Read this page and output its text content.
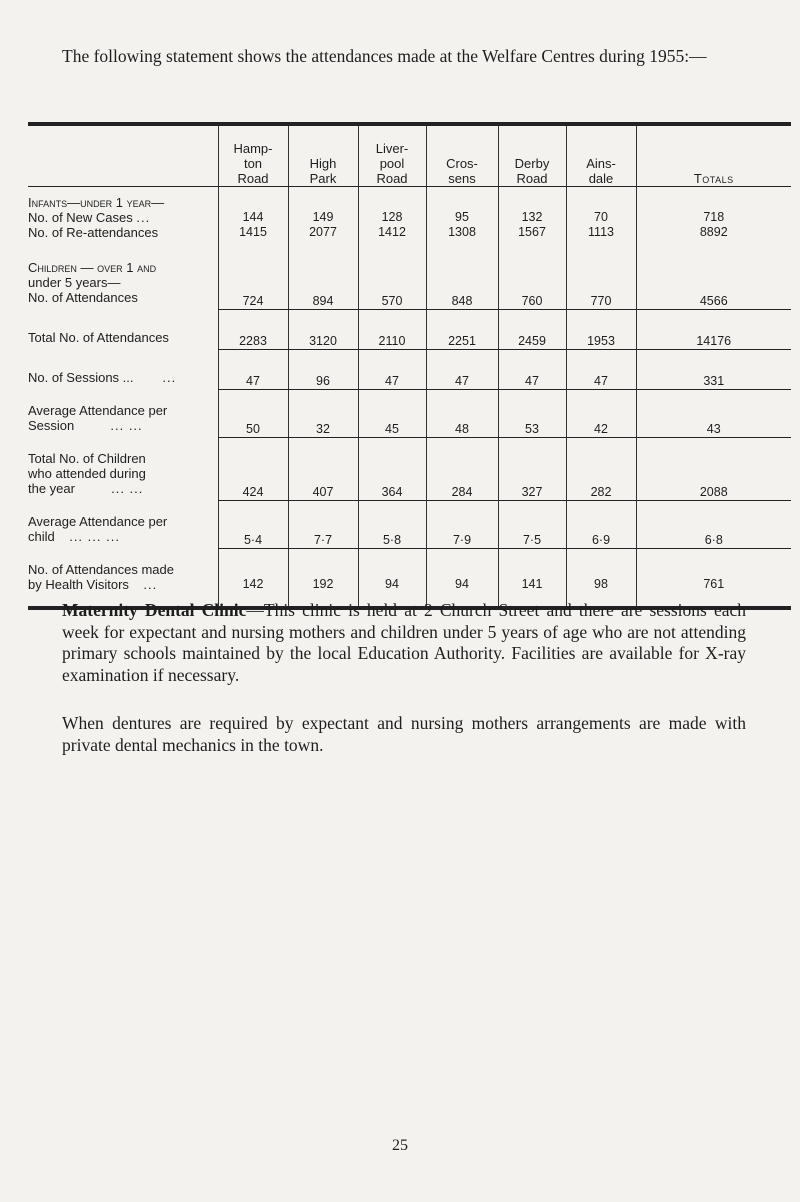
The following statement shows the attendances made at the Welfare Centres during 1955:—

	Hamp-
ton
Road	High
Park	Liver-
pool
Road	Cros-
sens	Derby
Road	Ains-
dale	Totals
Infants—under 1 year—
No. of New Cases ...	144	149	128	95	132	70	718
No. of Re-attendances	1415	2077	1412	1308	1567	1113	8892
Children — over 1 and
under 5 years—
No. of Attendances	724	894	570	848	760	770	4566
Total No. of Attendances	2283	3120	2110	2251	2459	1953	14176
No. of Sessions ... ...	47	96	47	47	47	47	331
Average Attendance per
Session ... ...	50	32	45	48	53	42	43
Total No. of Children
who attended during
the year ... ...	424	407	364	284	327	282	2088
Average Attendance per
child ... ... ...	5·4	7·7	5·8	7·9	7·5	6·9	6·8
No. of Attendances made
by Health Visitors ...	142	192	94	94	141	98	761

Maternity Dental Clinic—This clinic is held at 2 Church Street and there are sessions each week for expectant and nursing mothers and children under 5 years of age who are not attending primary schools maintained by the local Education Authority. Facilities are available for X-ray examination if necessary.

When dentures are required by expectant and nursing mothers arrangements are made with private dental mechanics in the town.

25
